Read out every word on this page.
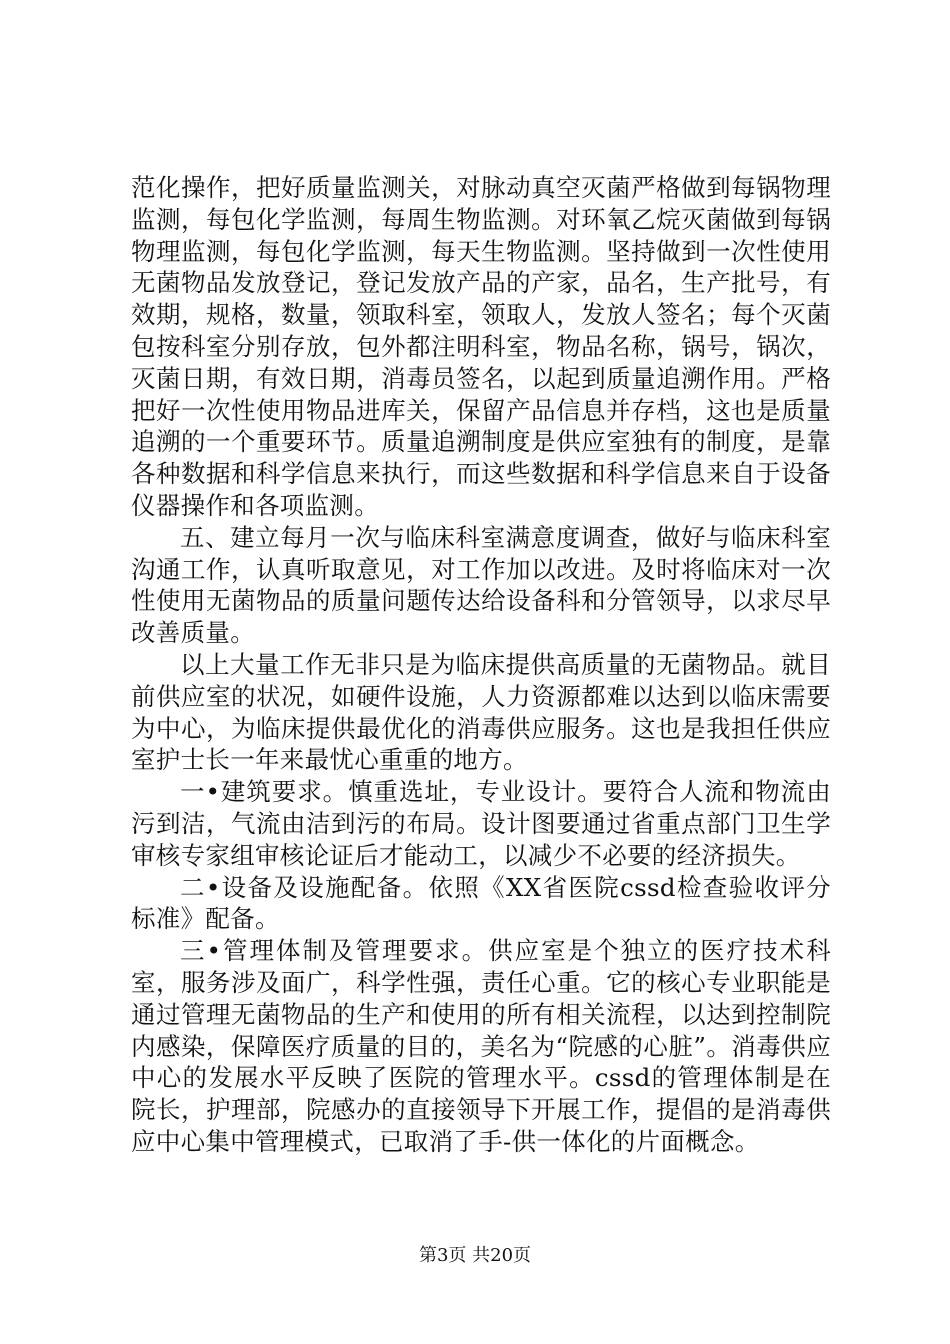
范化操作，把好质量监测关，对脉动真空灭菌严格做到每锅物理监测，每包化学监测，每周生物监测。对环氧乙烷灭菌做到每锅物理监测，每包化学监测，每天生物监测。坚持做到一次性使用无菌物品发放登记，登记发放产品的产家，品名，生产批号，有效期，规格，数量，领取科室，领取人，发放人签名；每个灭菌包按科室分别存放，包外都注明科室，物品名称，锅号，锅次，灭菌日期，有效日期，消毒员签名，以起到质量追溯作用。严格把好一次性使用物品进库关，保留产品信息并存档，这也是质量追溯的一个重要环节。质量追溯制度是供应室独有的制度，是靠各种数据和科学信息来执行，而这些数据和科学信息来自于设备仪器操作和各项监测。

五、建立每月一次与临床科室满意度调查，做好与临床科室沟通工作，认真听取意见，对工作加以改进。及时将临床对一次性使用无菌物品的质量问题传达给设备科和分管领导，以求尽早改善质量。

以上大量工作无非只是为临床提供高质量的无菌物品。就目前供应室的状况，如硬件设施，人力资源都难以达到以临床需要为中心，为临床提供最优化的消毒供应服务。这也是我担任供应室护士长一年来最忧心重重的地方。

一•建筑要求。慎重选址，专业设计。要符合人流和物流由污到洁，气流由洁到污的布局。设计图要通过省重点部门卫生学审核专家组审核论证后才能动工，以减少不必要的经济损失。

二•设备及设施配备。依照《XX省医院cssd检查验收评分标准》配备。

三•管理体制及管理要求。供应室是个独立的医疗技术科室，服务涉及面广，科学性强，责任心重。它的核心专业职能是通过管理无菌物品的生产和使用的所有相关流程，以达到控制院内感染，保障医疗质量的目的，美名为“院感的心脏”。消毒供应中心的发展水平反映了医院的管理水平。cssd的管理体制是在院长，护理部，院感办的直接领导下开展工作，提倡的是消毒供应中心集中管理模式，已取消了手-供一体化的片面概念。

第3页 共20页
